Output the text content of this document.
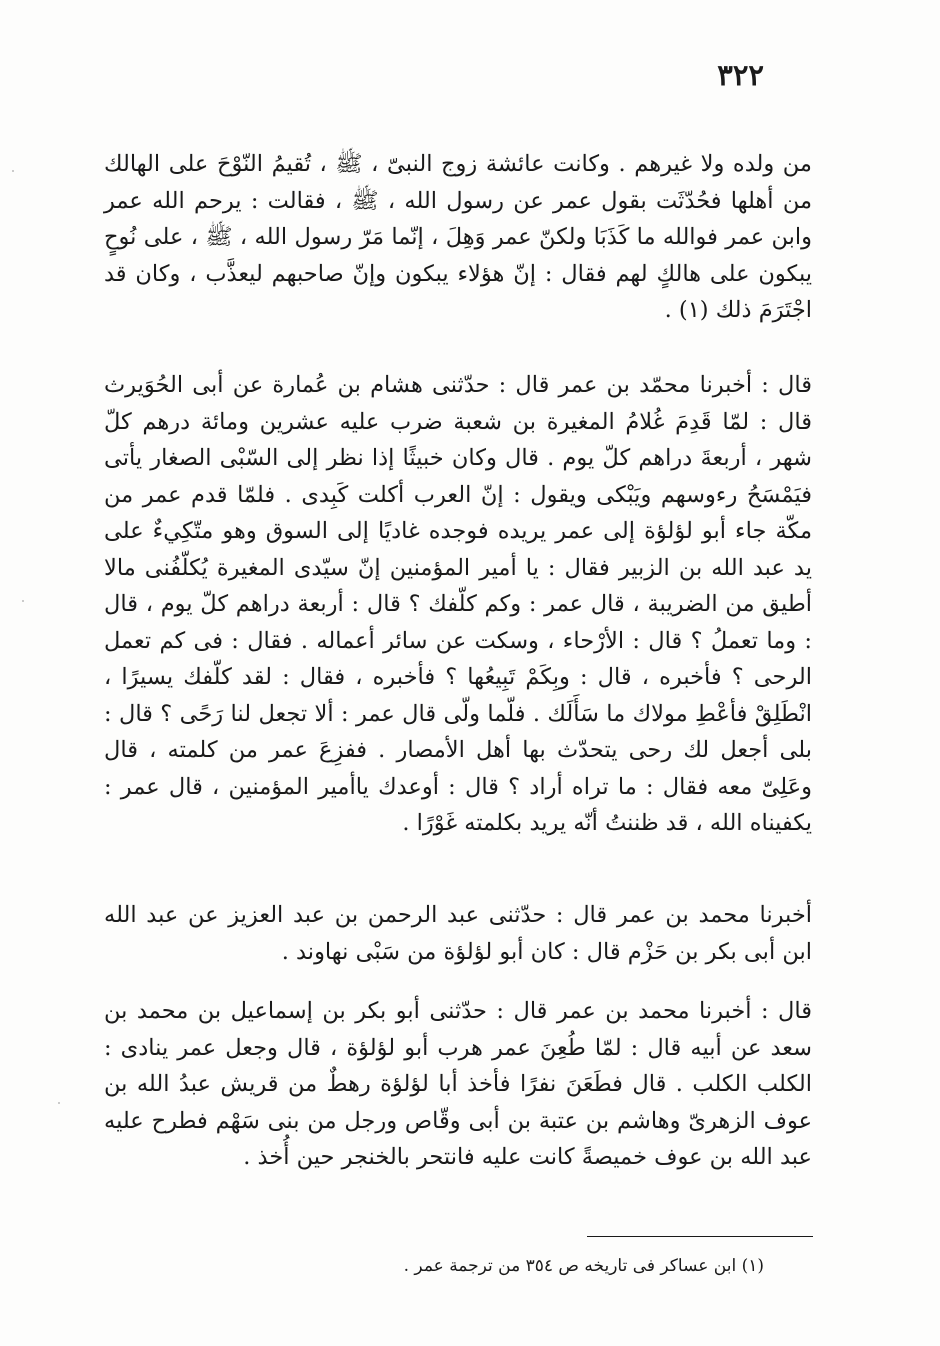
٣٢٢

من ولده ولا غيرهم . وكانت عائشة زوج النبىّ ، ﷺ ، تُقيمُ النّوْحَ على الهالك من أهلها فحُدّثَت بقول عمر عن رسول الله ، ﷺ ، فقالت : يرحم الله عمر وابن عمر فوالله ما كَذَبَا ولكنّ عمر وَهِلَ ، إنّما مَرّ رسول الله ، ﷺ ، على نُوحٍ يبكون على هالكٍ لهم فقال : إنّ هؤلاء يبكون وإنّ صاحبهم ليعذَّب ، وكان قد اجْتَرَمَ ذلك (١) .

قال : أخبرنا محمّد بن عمر قال : حدّثنى هشام بن عُمارة عن أبى الحُوَيرث قال : لمّا قَدِمَ غُلامُ المغيرة بن شعبة ضرب عليه عشرين ومائة درهم كلّ شهر ، أربعةَ دراهم كلّ يوم . قال وكان خبيثًا إذا نظر إلى السّبْى الصغار يأتى فيَمْسَحُ رءوسهم ويَبْكى ويقول : إنّ العرب أكلت كَبِدى . فلمّا قدم عمر من مكّة جاء أبو لؤلؤة إلى عمر يريده فوجده غاديًا إلى السوق وهو متّكِيءٌ على يد عبد الله بن الزبير فقال : يا أمير المؤمنين إنّ سيّدى المغيرة يُكلّفُنى مالا أطيق من الضريبة ، قال عمر : وكم كلّفك ؟ قال : أربعة دراهم كلّ يوم ، قال : وما تعملُ ؟ قال : الأرْحاء ، وسكت عن سائر أعماله . فقال : فى كم تعمل الرحى ؟ فأخبره ، قال : وبِكَمْ تَبِيعُها ؟ فأخبره ، فقال : لقد كلّفك يسيرًا ، انْطَلِقْ فأعْطِ مولاك ما سَأَلَك . فلّما ولّى قال عمر : ألا تجعل لنا رَحًى ؟ قال : بلى أجعل لك رحى يتحدّث بها أهل الأمصار . ففزِعَ عمر من كلمته ، قال وعَلِىّ معه فقال : ما تراه أراد ؟ قال : أوعدك ياأمير المؤمنين ، قال عمر : يكفيناه الله ، قد ظننتُ أنّه يريد بكلمته غَوْرًا .

أخبرنا محمد بن عمر قال : حدّثنى عبد الرحمن بن عبد العزيز عن عبد الله ابن أبى بكر بن حَزْم قال : كان أبو لؤلؤة من سَبْى نهاوند .

قال : أخبرنا محمد بن عمر قال : حدّثنى أبو بكر بن إسماعيل بن محمد بن سعد عن أبيه قال : لمّا طُعِنَ عمر هرب أبو لؤلؤة ، قال وجعل عمر ينادى : الكلب الكلب . قال فطَعَنَ نفرًا فأخذ أبا لؤلؤة رهطٌ من قريش عبدُ الله بن عوف الزهرىّ وهاشم بن عتبة بن أبى وقّاص ورجل من بنى سَهْم فطرح عليه عبد الله بن عوف خميصةً كانت عليه فانتحر بالخنجر حين أُخذ .

(١) ابن عساكر فى تاريخه ص ٣٥٤ من ترجمة عمر .
